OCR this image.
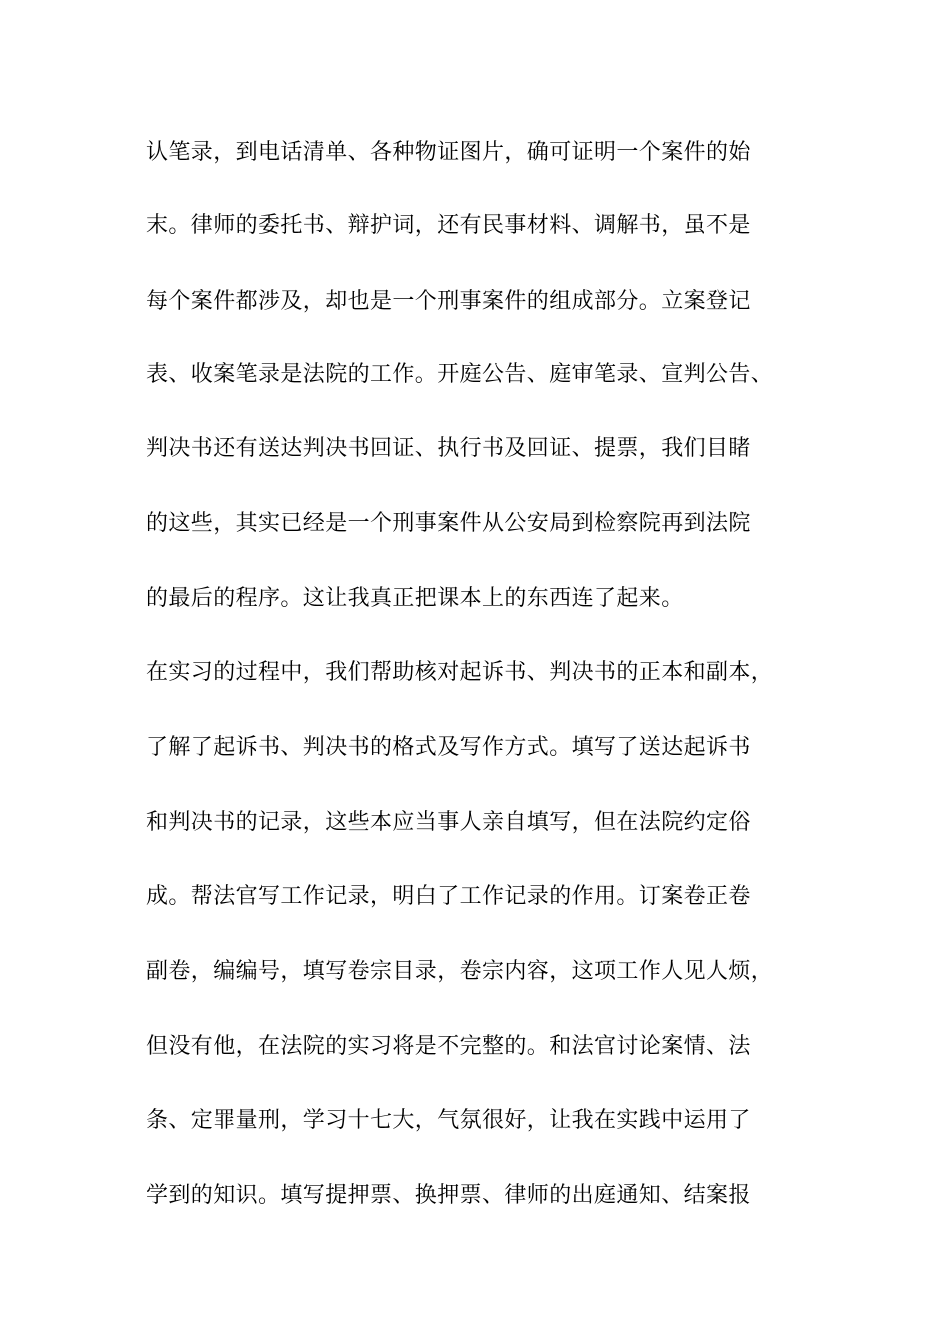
认笔录，到电话清单、各种物证图片，确可证明一个案件的始
末。律师的委托书、辩护词，还有民事材料、调解书，虽不是
每个案件都涉及，却也是一个刑事案件的组成部分。立案登记
表、收案笔录是法院的工作。开庭公告、庭审笔录、宣判公告、
判决书还有送达判决书回证、执行书及回证、提票，我们目睹
的这些，其实已经是一个刑事案件从公安局到检察院再到法院
的最后的程序。这让我真正把课本上的东西连了起来。
在实习的过程中，我们帮助核对起诉书、判决书的正本和副本，
了解了起诉书、判决书的格式及写作方式。填写了送达起诉书
和判决书的记录，这些本应当事人亲自填写，但在法院约定俗
成。帮法官写工作记录，明白了工作记录的作用。订案卷正卷
副卷，编编号，填写卷宗目录，卷宗内容，这项工作人见人烦，
但没有他，在法院的实习将是不完整的。和法官讨论案情、法
条、定罪量刑，学习十七大，气氛很好，让我在实践中运用了
学到的知识。填写提押票、换押票、律师的出庭通知、结案报
